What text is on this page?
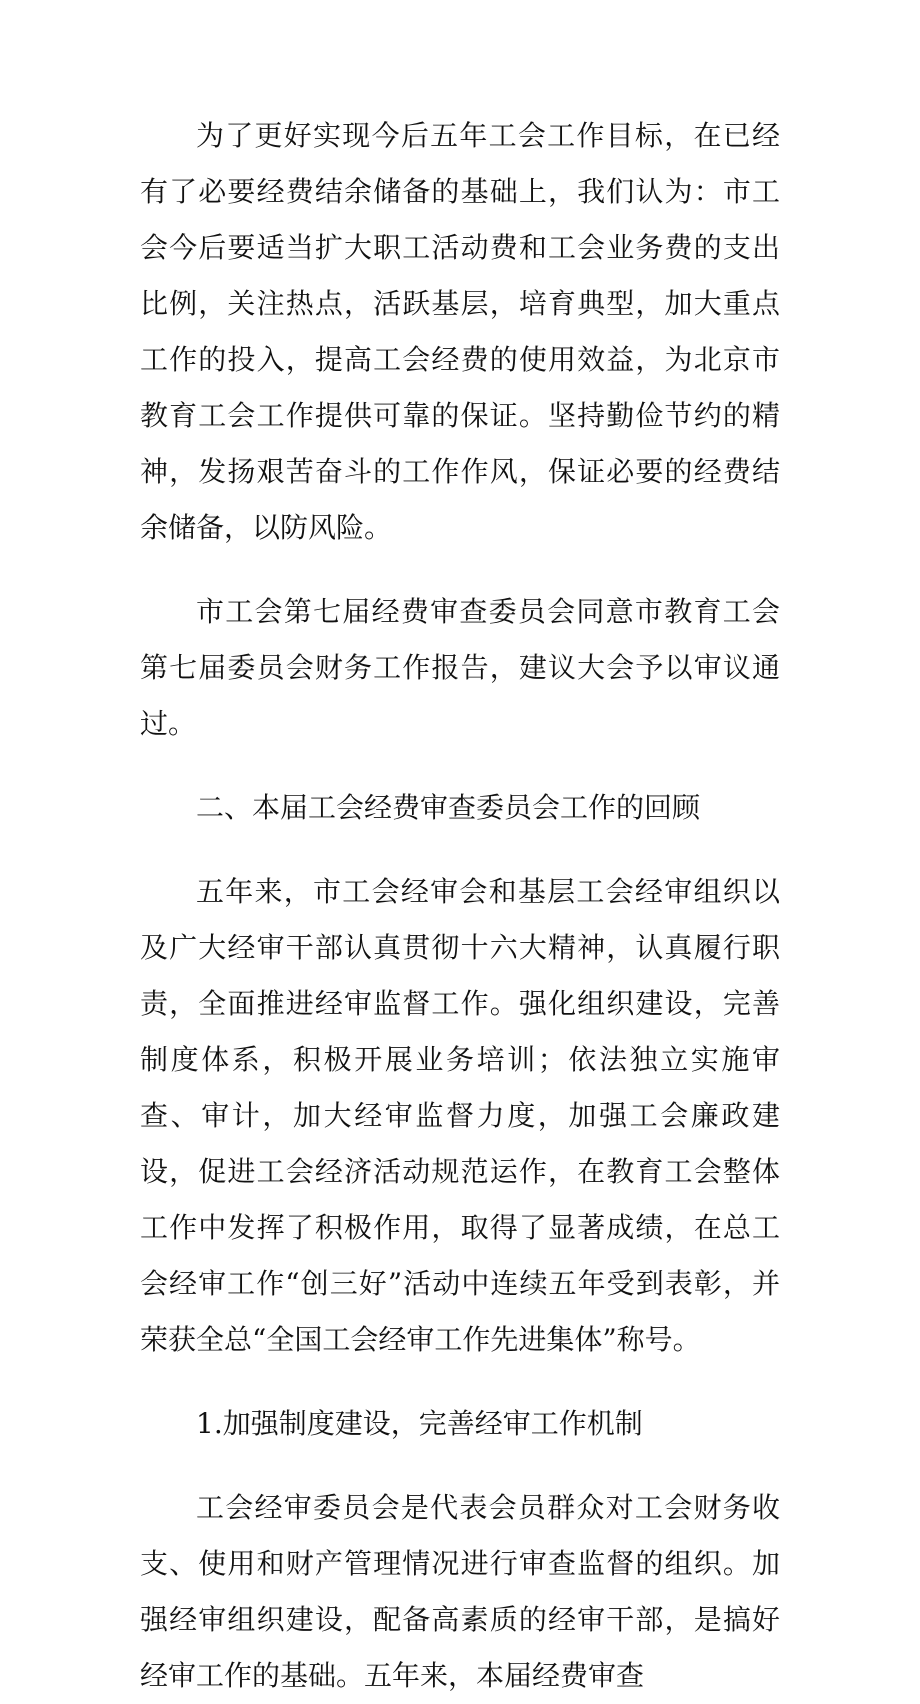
为了更好实现今后五年工会工作目标，在已经有了必要经费结余储备的基础上，我们认为：市工会今后要适当扩大职工活动费和工会业务费的支出比例，关注热点，活跃基层，培育典型，加大重点工作的投入，提高工会经费的使用效益，为北京市教育工会工作提供可靠的保证。坚持勤俭节约的精神，发扬艰苦奋斗的工作作风，保证必要的经费结余储备，以防风险。

市工会第七届经费审查委员会同意市教育工会第七届委员会财务工作报告，建议大会予以审议通过。

二、本届工会经费审查委员会工作的回顾

五年来，市工会经审会和基层工会经审组织以及广大经审干部认真贯彻十六大精神，认真履行职责，全面推进经审监督工作。强化组织建设，完善制度体系，积极开展业务培训；依法独立实施审查、审计，加大经审监督力度，加强工会廉政建设，促进工会经济活动规范运作，在教育工会整体工作中发挥了积极作用，取得了显著成绩，在总工会经审工作“创三好”活动中连续五年受到表彰，并荣获全总“全国工会经审工作先进集体”称号。

1.加强制度建设，完善经审工作机制

工会经审委员会是代表会员群众对工会财务收支、使用和财产管理情况进行审查监督的组织。加强经审组织建设，配备高素质的经审干部，是搞好经审工作的基础。五年来，本届经费审查
